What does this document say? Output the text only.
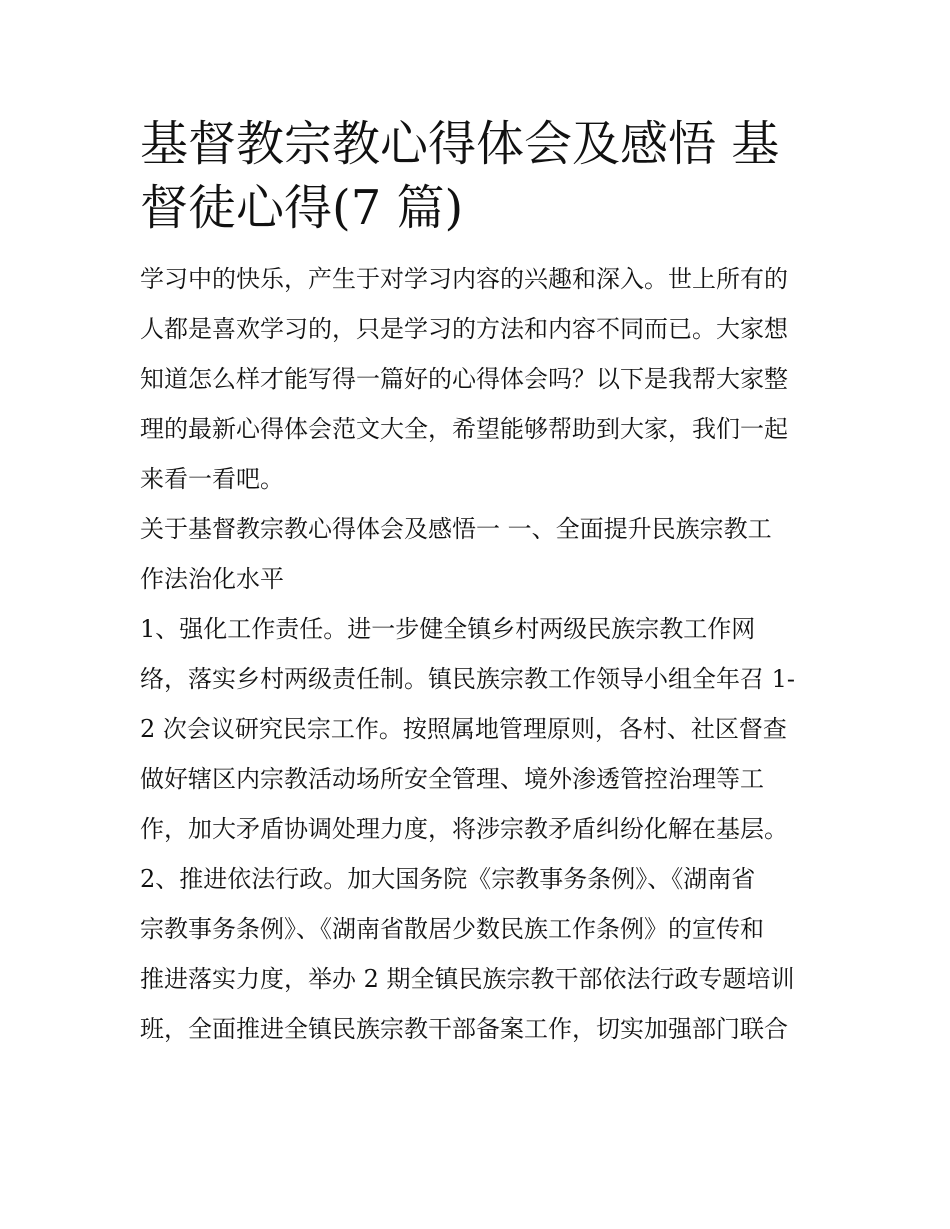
基督教宗教心得体会及感悟 基
督徒心得(7 篇)

学习中的快乐，产生于对学习内容的兴趣和深入。世上所有的
人都是喜欢学习的，只是学习的方法和内容不同而已。大家想
知道怎么样才能写得一篇好的心得体会吗？以下是我帮大家整
理的最新心得体会范文大全，希望能够帮助到大家，我们一起
来看一看吧。

关于基督教宗教心得体会及感悟一 一、全面提升民族宗教工
作法治化水平

1、强化工作责任。进一步健全镇乡村两级民族宗教工作网
络，落实乡村两级责任制。镇民族宗教工作领导小组全年召 1-
2 次会议研究民宗工作。按照属地管理原则，各村、社区督查
做好辖区内宗教活动场所安全管理、境外渗透管控治理等工
作，加大矛盾协调处理力度，将涉宗教矛盾纠纷化解在基层。

2、推进依法行政。加大国务院《宗教事务条例》、《湖南省
宗教事务条例》、《湖南省散居少数民族工作条例》的宣传和
推进落实力度，举办 2 期全镇民族宗教干部依法行政专题培训
班，全面推进全镇民族宗教干部备案工作，切实加强部门联合
